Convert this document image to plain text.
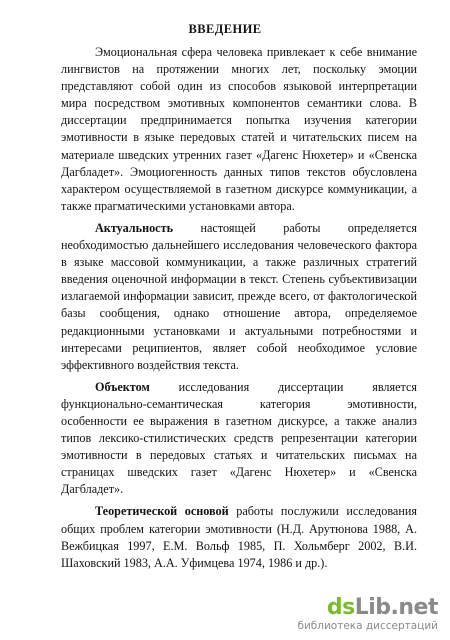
ВВЕДЕНИЕ

Эмоциональная сфера человека привлекает к себе внимание лингвистов на протяжении многих лет, поскольку эмоции представляют собой один из способов языковой интерпретации мира посредством эмотивных компонентов семантики слова. В диссертации предпринимается попытка изучения категории эмотивности в языке передовых статей и читательских писем на материале шведских утренних газет «Дагенс Нюхетер» и «Свенска Дагбладет». Эмоциогенность данных типов текстов обусловлена характером осуществляемой в газетном дискурсе коммуникации, а также прагматическими установками автора.

Актуальность настоящей работы определяется необходимостью дальнейшего исследования человеческого фактора в языке массовой коммуникации, а также различных стратегий введения оценочной информации в текст. Степень субъективизации излагаемой информации зависит, прежде всего, от фактологической базы сообщения, однако отношение автора, определяемое редакционными установками и актуальными потребностями и интересами реципиентов, являет собой необходимое условие эффективного воздействия текста.

Объектом исследования диссертации является функционально-семантическая категория эмотивности, особенности ее выражения в газетном дискурсе, а также анализ типов лексико-стилистических средств репрезентации категории эмотивности в передовых статьях и читательских письмах на страницах шведских газет «Дагенс Нюхетер» и «Свенска Дагбладет».

Теоретической основой работы послужили исследования общих проблем категории эмотивности (Н.Д. Арутюнова 1988, А. Вежбицкая 1997, Е.М. Вольф 1985, П. Хольмберг 2002, В.И. Шаховский 1983, А.А. Уфимцева 1974, 1986 и др.).

dsLib.net
библиотека диссертаций
